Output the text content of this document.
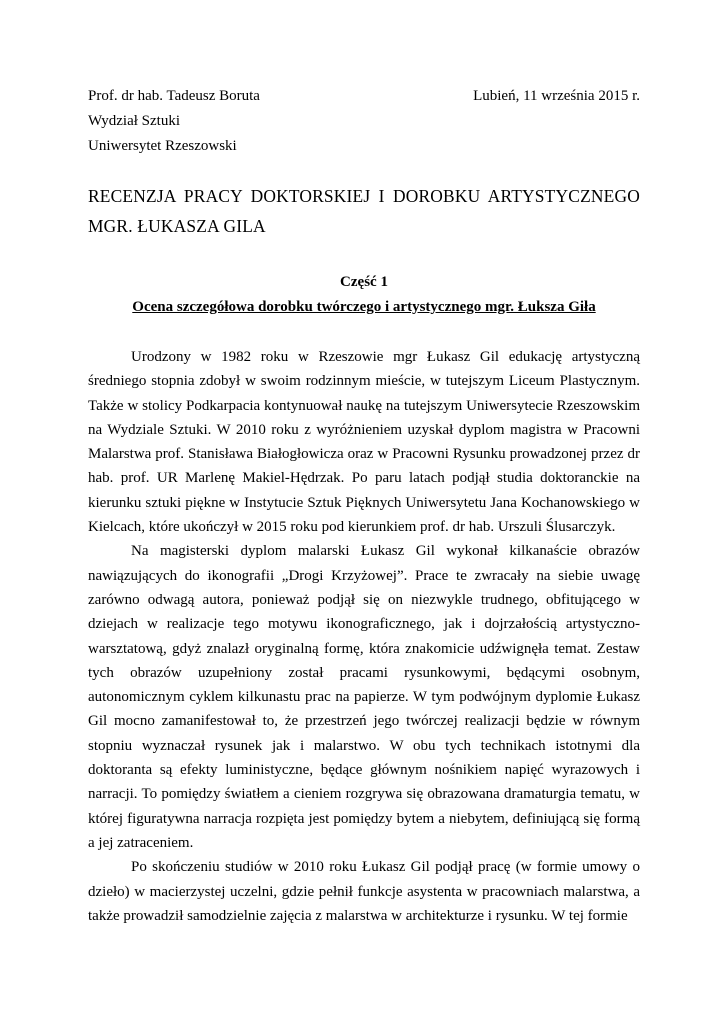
Prof. dr hab. Tadeusz Boruta	Lubień, 11 września 2015 r.
Wydział Sztuki
Uniwersytet Rzeszowski
RECENZJA PRACY DOKTORSKIEJ I DOROBKU ARTYSTYCZNEGO
MGR. ŁUKASZA GILA
Część 1
Ocena szczegółowa dorobku twórczego i artystycznego mgr. Łuksza Giła

Urodzony w 1982 roku w Rzeszowie mgr Łukasz Gil edukację artystyczną średniego stopnia zdobył w swoim rodzinnym mieście, w tutejszym Liceum Plastycznym. Także w stolicy Podkarpacia kontynuował naukę na tutejszym Uniwersytecie Rzeszowskim na Wydziale Sztuki. W 2010 roku z wyróżnieniem uzyskał dyplom magistra w Pracowni Malarstwa prof. Stanisława Białogłowicza oraz w Pracowni Rysunku prowadzonej przez dr hab. prof. UR Marlenę Makiel-Hędrzak. Po paru latach podjął studia doktoranckie na kierunku sztuki piękne w Instytucie Sztuk Pięknych Uniwersytetu Jana Kochanowskiego w Kielcach, które ukończył w 2015 roku pod kierunkiem prof. dr hab. Urszuli Ślusarczyk.

Na magisterski dyplom malarski Łukasz Gil wykonał kilkanaście obrazów nawiązujących do ikonografii „Drogi Krzyżowej”. Prace te zwracały na siebie uwagę zarówno odwagą autora, ponieważ podjął się on niezwykle trudnego, obfitującego w dziejach w realizacje tego motywu ikonograficznego, jak i dojrzałością artystyczno-warsztatową, gdyż znalazł oryginalną formę, która znakomicie udźwignęła temat. Zestaw tych obrazów uzupełniony został pracami rysunkowymi, będącymi osobnym, autonomicznym cyklem kilkunastu prac na papierze. W tym podwójnym dyplomie Łukasz Gil mocno zamanifestował to, że przestrzeń jego twórczej realizacji będzie w równym stopniu wyznaczał rysunek jak i malarstwo. W obu tych technikach istotnymi dla doktoranta są efekty luministyczne, będące głównym nośnikiem napięć wyrazowych i narracji. To pomiędzy światłem a cieniem rozgrywa się obrazowana dramaturgia tematu, w której figuratywna narracja rozpięta jest pomiędzy bytem a niebytem, definiującą się formą a jej zatraceniem.

Po skończeniu studiów w 2010 roku Łukasz Gil podjął pracę (w formie umowy o dzieło) w macierzystej uczelni, gdzie pełnił funkcje asystenta w pracowniach malarstwa, a także prowadził samodzielnie zajęcia z malarstwa w architekturze i rysunku. W tej formie
